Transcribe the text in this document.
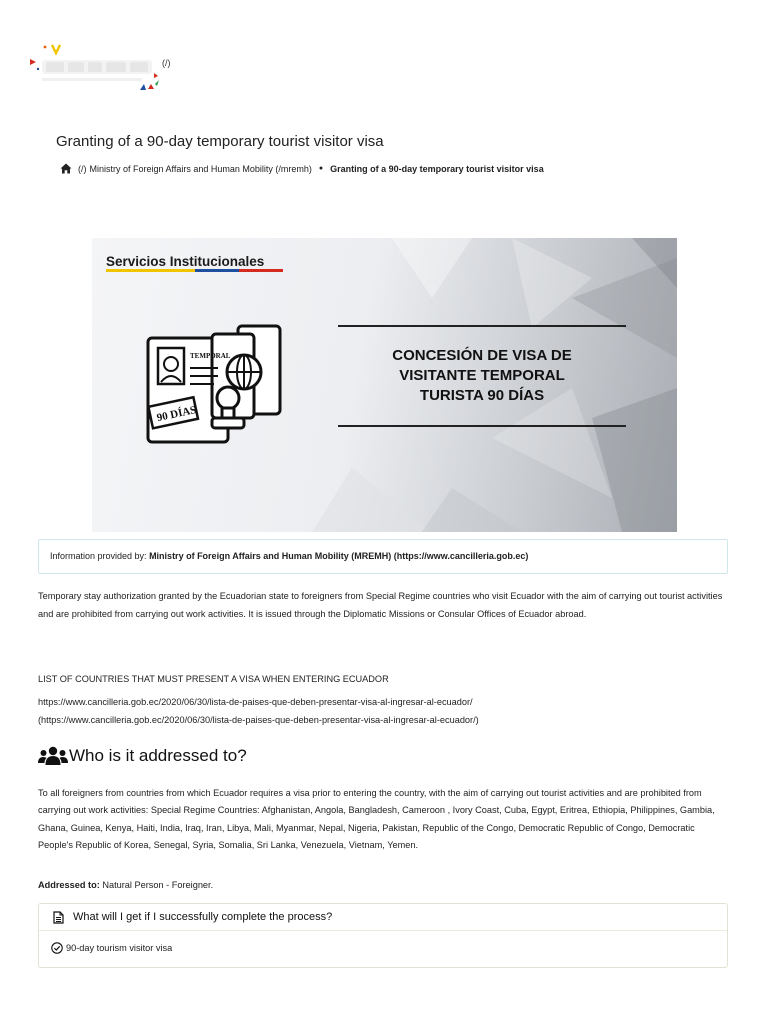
(/)
Granting of a 90-day temporary tourist visitor visa
(/) Ministry of Foreign Affairs and Human Mobility (/mremh) ● Granting of a 90-day temporary tourist visitor visa
Servicios Institucionales
TEMPORAL
90 DÍAS
CONCESIÓN DE VISA DE
VISITANTE TEMPORAL
TURISTA 90 DÍAS
Information provided by: Ministry of Foreign Affairs and Human Mobility (MREMH) (https://www.cancilleria.gob.ec)
Temporary stay authorization granted by the Ecuadorian state to foreigners from Special Regime countries who visit Ecuador with the aim of carrying out tourist activities and are prohibited from carrying out work activities. It is issued through the Diplomatic Missions or Consular Offices of Ecuador abroad.
LIST OF COUNTRIES THAT MUST PRESENT A VISA WHEN ENTERING ECUADOR
https://www.cancilleria.gob.ec/2020/06/30/lista-de-paises-que-deben-presentar-visa-al-ingresar-al-ecuador/
(https://www.cancilleria.gob.ec/2020/06/30/lista-de-paises-que-deben-presentar-visa-al-ingresar-al-ecuador/)
Who is it addressed to?
To all foreigners from countries from which Ecuador requires a visa prior to entering the country, with the aim of carrying out tourist activities and are prohibited from carrying out work activities: Special Regime Countries: Afghanistan, Angola, Bangladesh, Cameroon , Ivory Coast, Cuba, Egypt, Eritrea, Ethiopia, Philippines, Gambia, Ghana, Guinea, Kenya, Haiti, India, Iraq, Iran, Libya, Mali, Myanmar, Nepal, Nigeria, Pakistan, Republic of the Congo, Democratic Republic of Congo, Democratic People's Republic of Korea, Senegal, Syria, Somalia, Sri Lanka, Venezuela, Vietnam, Yemen.
Addressed to: Natural Person - Foreigner.
What will I get if I successfully complete the process?
90-day tourism visitor visa
